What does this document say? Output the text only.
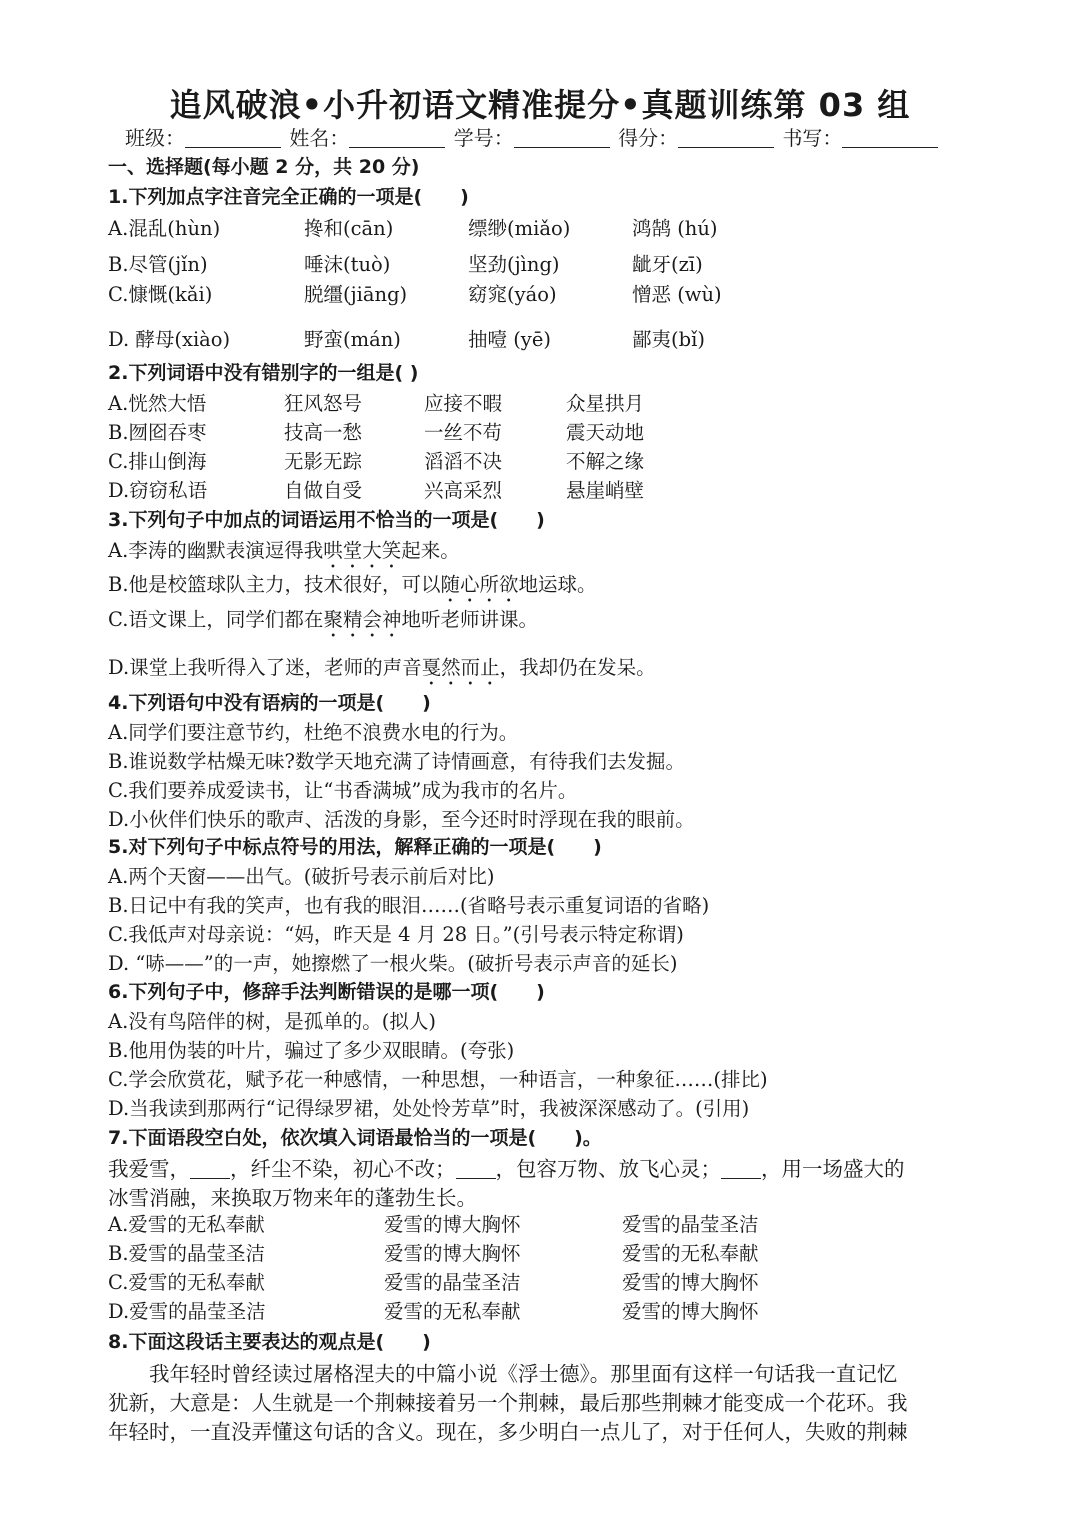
追风破浪•小升初语文精准提分•真题训练第 03 组
班级：	姓名：	学号：	得分：	书写：
一、选择题(每小题 2 分，共 20 分)
1.下列加点字注音完全正确的一项是(　　)
A.混乱(hùn)	搀和(cān)	缥缈(miǎo)	鸿鹄 (hú)
B.尽管(jǐn)	唾沫(tuò)	坚劲(jìng)	龇牙(zī)
C.慷慨(kǎi)	脱缰(jiāng)	窈窕(yáo)	憎恶 (wù)
D. 酵母(xiào)	野蛮(mán)	抽噎 (yē)	鄙夷(bǐ)
2.下列词语中没有错别字的一组是( )
A.恍然大悟	狂风怒号	应接不暇	众星拱月
B.囫囵吞枣	技高一愁	一丝不苟	震天动地
C.排山倒海	无影无踪	滔滔不决	不解之缘
D.窃窃私语	自做自受	兴高采烈	悬崖峭壁
3.下列句子中加点的词语运用不恰当的一项是(　　)
A.李涛的幽默表演逗得我哄堂大笑起来。
B.他是校篮球队主力，技术很好，可以随心所欲地运球。
C.语文课上，同学们都在聚精会神地听老师讲课。
D.课堂上我听得入了迷，老师的声音戛然而止，我却仍在发呆。
4.下列语句中没有语病的一项是(　　)
A.同学们要注意节约，杜绝不浪费水电的行为。
B.谁说数学枯燥无味?数学天地充满了诗情画意，有待我们去发掘。
C.我们要养成爱读书，让“书香满城”成为我市的名片。
D.小伙伴们快乐的歌声、活泼的身影，至今还时时浮现在我的眼前。
5.对下列句子中标点符号的用法，解释正确的一项是(　　)
A.两个天窗——出气。(破折号表示前后对比)
B.日记中有我的笑声，也有我的眼泪……(省略号表示重复词语的省略)
C.我低声对母亲说：“妈，昨天是 4 月 28 日。”(引号表示特定称谓)
D. “哧——”的一声，她擦燃了一根火柴。(破折号表示声音的延长)
6.下列句子中，修辞手法判断错误的是哪一项(　　)
A.没有鸟陪伴的树，是孤单的。(拟人)
B.他用伪装的叶片，骗过了多少双眼睛。(夸张)
C.学会欣赏花，赋予花一种感情，一种思想，一种语言，一种象征……(排比)
D.当我读到那两行“记得绿罗裙，处处怜芳草”时，我被深深感动了。(引用)
7.下面语段空白处，依次填入词语最恰当的一项是(　　)。
我爱雪， ，纤尘不染，初心不改； ，包容万物、放飞心灵； ，用一场盛大的
冰雪消融，来换取万物来年的蓬勃生长。
A.爱雪的无私奉献	爱雪的博大胸怀	爱雪的晶莹圣洁
B.爱雪的晶莹圣洁	爱雪的博大胸怀	爱雪的无私奉献
C.爱雪的无私奉献	爱雪的晶莹圣洁	爱雪的博大胸怀
D.爱雪的晶莹圣洁	爱雪的无私奉献	爱雪的博大胸怀
8.下面这段话主要表达的观点是(　　)
　　我年轻时曾经读过屠格涅夫的中篇小说《浮士德》。那里面有这样一句话我一直记忆
犹新，大意是：人生就是一个荆棘接着另一个荆棘，最后那些荆棘才能变成一个花环。我
年轻时，一直没弄懂这句话的含义。现在，多少明白一点儿了，对于任何人，失败的荆棘
